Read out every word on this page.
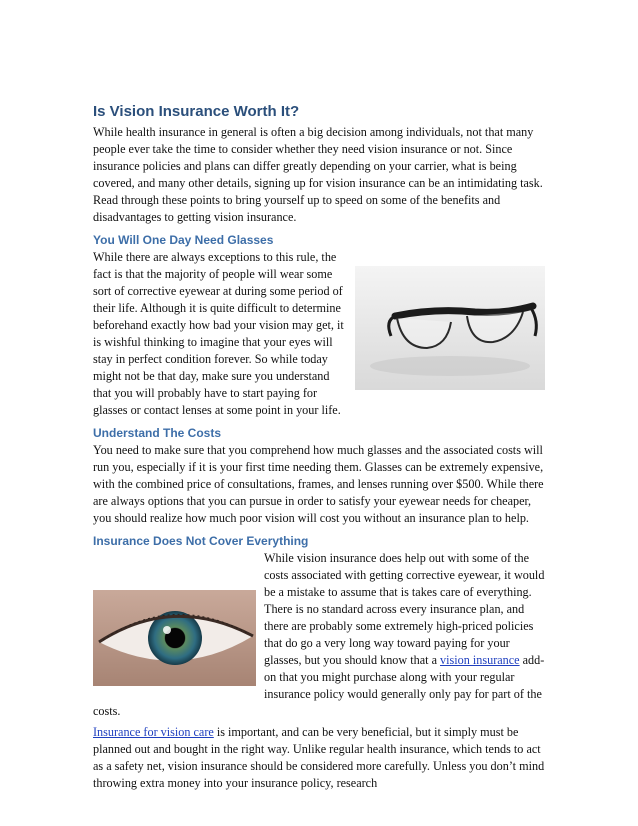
Is Vision Insurance Worth It?

While health insurance in general is often a big decision among individuals, not that many people ever take the time to consider whether they need vision insurance or not. Since insurance policies and plans can differ greatly depending on your carrier, what is being covered, and many other details, signing up for vision insurance can be an intimidating task. Read through these points to bring yourself up to speed on some of the benefits and disadvantages to getting vision insurance.

You Will One Day Need Glasses

While there are always exceptions to this rule, the fact is that the majority of people will wear some sort of corrective eyewear at during some period of their life. Although it is quite difficult to determine beforehand exactly how bad your vision may get, it is wishful thinking to imagine that your eyes will stay in perfect condition forever. So while today might not be that day, make sure you understand that you will probably have to start paying for glasses or contact lenses at some point in your life.

Understand The Costs

You need to make sure that you comprehend how much glasses and the associated costs will run you, especially if it is your first time needing them. Glasses can be extremely expensive, with the combined price of consultations, frames, and lenses running over $500. While there are always options that you can pursue in order to satisfy your eyewear needs for cheaper, you should realize how much poor vision will cost you without an insurance plan to help.

Insurance Does Not Cover Everything

While vision insurance does help out with some of the costs associated with getting corrective eyewear, it would be a mistake to assume that is takes care of everything. There is no standard across every insurance plan, and there are probably some extremely high-priced policies that do go a very long way toward paying for your glasses, but you should know that a vision insurance add-on that you might purchase along with your regular insurance policy would generally only pay for part of the costs.

Insurance for vision care is important, and can be very beneficial, but it simply must be planned out and bought in the right way. Unlike regular health insurance, which tends to act as a safety net, vision insurance should be considered more carefully. Unless you don’t mind throwing extra money into your insurance policy, research
